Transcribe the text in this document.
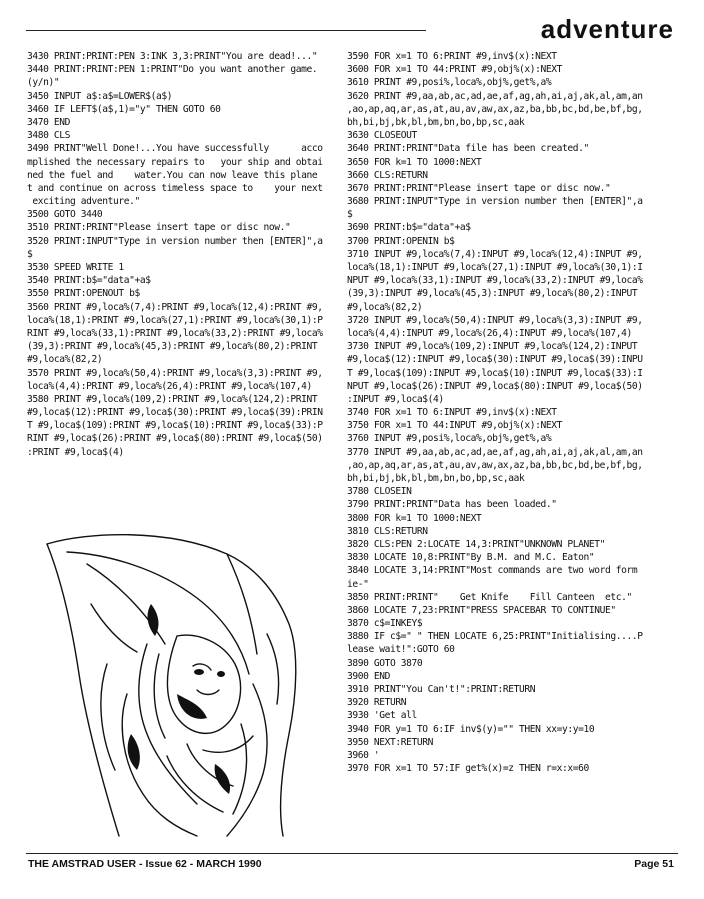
adventure
3430 PRINT:PRINT:PEN 3:INK 3,3:PRINT"You are dead!..."
3440 PRINT:PRINT:PEN 1:PRINT"Do you want another game.
(y/n)"
3450 INPUT a$:a$=LOWER$(a$)
3460 IF LEFT$(a$,1)="y" THEN GOTO 60
3470 END
3480 CLS
3490 PRINT"Well Done!...You have successfully      acco
mplished the necessary repairs to   your ship and obtai
ned the fuel and    water.You can now leave this plane
t and continue on across timeless space to    your next
exciting adventure."
3500 GOTO 3440
3510 PRINT:PRINT"Please insert tape or disc now."
3520 PRINT:INPUT"Type in version number then [ENTER]",a
$
3530 SPEED WRITE 1
3540 PRINT:b$="data"+a$
3550 PRINT:OPENOUT b$
3560 PRINT #9,loca%(7,4):PRINT #9,loca%(12,4):PRINT #9,
loca%(18,1):PRINT #9,loca%(27,1):PRINT #9,loca%(30,1):P
RINT #9,loca%(33,1):PRINT #9,loca%(33,2):PRINT #9,loca%
(39,3):PRINT #9,loca%(45,3):PRINT #9,loca%(80,2):PRINT
#9,loca%(82,2)
3570 PRINT #9,loca%(50,4):PRINT #9,loca%(3,3):PRINT #9,
loca%(4,4):PRINT #9,loca%(26,4):PRINT #9,loca%(107,4)
3580 PRINT #9,loca%(109,2):PRINT #9,loca%(124,2):PRINT
#9,loca$(12):PRINT #9,loca$(30):PRINT #9,loca$(39):PRIN
T #9,loca$(109):PRINT #9,loca$(10):PRINT #9,loca$(33):P
RINT #9,loca$(26):PRINT #9,loca$(80):PRINT #9,loca$(50)
:PRINT #9,loca$(4)
3590 FOR x=1 TO 6:PRINT #9,inv$(x):NEXT
3600 FOR x=1 TO 44:PRINT #9,obj%(x):NEXT
3610 PRINT #9,posi%,loca%,obj%,get%,a%
3620 PRINT #9,aa,ab,ac,ad,ae,af,ag,ah,ai,aj,ak,al,am,an
,ao,ap,aq,ar,as,at,au,av,aw,ax,az,ba,bb,bc,bd,be,bf,bg,
bh,bi,bj,bk,bl,bm,bn,bo,bp,sc,aak
3630 CLOSEOUT
3640 PRINT:PRINT"Data file has been created."
3650 FOR k=1 TO 1000:NEXT
3660 CLS:RETURN
3670 PRINT:PRINT"Please insert tape or disc now."
3680 PRINT:INPUT"Type in version number then [ENTER]",a
$
3690 PRINT:b$="data"+a$
3700 PRINT:OPENIN b$
3710 INPUT #9,loca%(7,4):INPUT #9,loca%(12,4):INPUT #9,
loca%(18,1):INPUT #9,loca%(27,1):INPUT #9,loca%(30,1):I
NPUT #9,loca%(33,1):INPUT #9,loca%(33,2):INPUT #9,loca%
(39,3):INPUT #9,loca%(45,3):INPUT #9,loca%(80,2):INPUT
#9,loca%(82,2)
3720 INPUT #9,loca%(50,4):INPUT #9,loca%(3,3):INPUT #9,
loca%(4,4):INPUT #9,loca%(26,4):INPUT #9,loca%(107,4)
3730 INPUT #9,loca%(109,2):INPUT #9,loca%(124,2):INPUT
#9,loca$(12):INPUT #9,loca$(30):INPUT #9,loca$(39):INPU
T #9,loca$(109):INPUT #9,loca$(10):INPUT #9,loca$(33):I
NPUT #9,loca$(26):INPUT #9,loca$(80):INPUT #9,loca$(50)
:INPUT #9,loca$(4)
3740 FOR x=1 TO 6:INPUT #9,inv$(x):NEXT
3750 FOR x=1 TO 44:INPUT #9,obj%(x):NEXT
3760 INPUT #9,posi%,loca%,obj%,get%,a%
3770 INPUT #9,aa,ab,ac,ad,ae,af,ag,ah,ai,aj,ak,al,am,an
,ao,ap,aq,ar,as,at,au,av,aw,ax,az,ba,bb,bc,bd,be,bf,bg,
bh,bi,bj,bk,bl,bm,bn,bo,bp,sc,aak
3780 CLOSEIN
3790 PRINT:PRINT"Data has been loaded."
3800 FOR k=1 TO 1000:NEXT
3810 CLS:RETURN
3820 CLS:PEN 2:LOCATE 14,3:PRINT"UNKNOWN PLANET"
3830 LOCATE 10,8:PRINT"By B.M. and M.C. Eaton"
3840 LOCATE 3,14:PRINT"Most commands are two word form
ie-"
3850 PRINT:PRINT"    Get Knife    Fill Canteen  etc."
3860 LOCATE 7,23:PRINT"PRESS SPACEBAR TO CONTINUE"
3870 c$=INKEY$
3880 IF c$=" " THEN LOCATE 6,25:PRINT"Initialising....P
lease wait!":GOTO 60
3890 GOTO 3870
3900 END
3910 PRINT"You Can't!":PRINT:RETURN
3920 RETURN
3930 'Get all
3940 FOR y=1 TO 6:IF inv$(y)="" THEN xx=y:y=10
3950 NEXT:RETURN
3960 '
3970 FOR x=1 TO 57:IF get%(x)=z THEN r=x:x=60
THE AMSTRAD USER - Issue 62 - MARCH 1990	Page 51
